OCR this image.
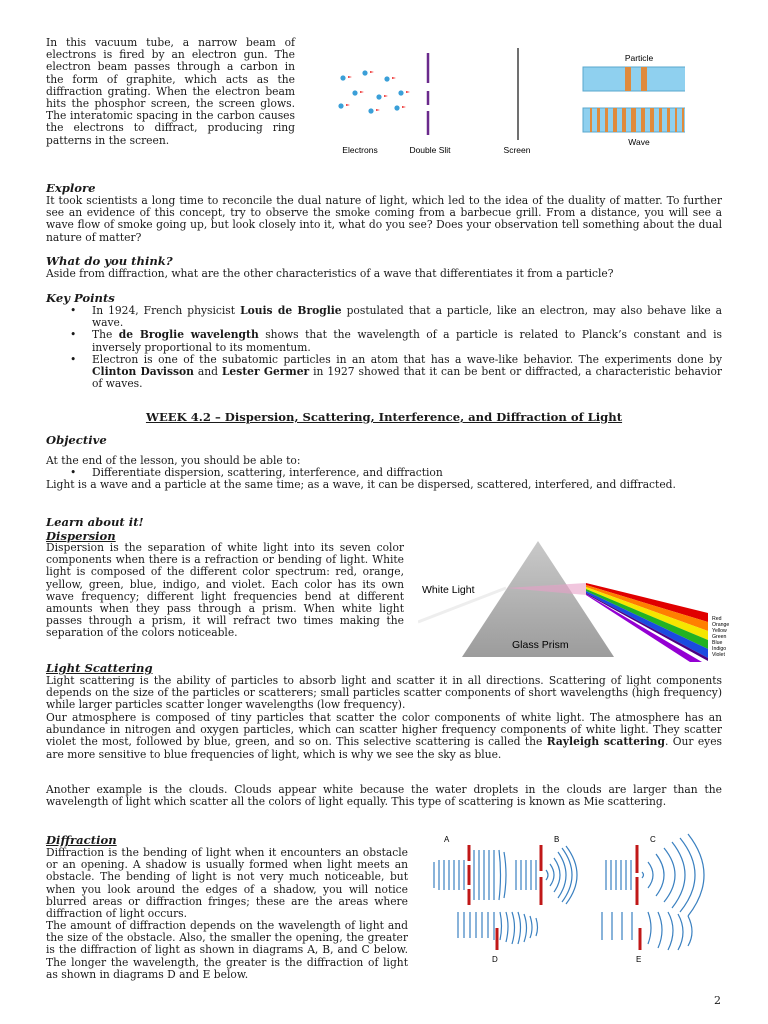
In this vacuum tube, a narrow beam of electrons is fired by an electron gun. The electron beam passes through a carbon in the form of graphite, which acts as the diffraction grating. When the electron beam hits the phosphor screen, the screen glows. The interatomic spacing in the carbon causes the electrons to diffract, producing ring patterns in the screen.

Electrons	Double Slit	Screen
Particle
Wave

Explore

It took scientists a long time to reconcile the dual nature of light, which led to the idea of the duality of matter. To further see an evidence of this concept, try to observe the smoke coming from a barbecue grill. From a distance, you will see a wave flow of smoke going up, but look closely into it, what do you see? Does your observation tell something about the dual nature of matter?

What do you think?

Aside from diffraction, what are the other characteristics of a wave that differentiates it from a particle?

Key Points

• In 1924, French physicist Louis de Broglie postulated that a particle, like an electron, may also behave like a wave.
• The de Broglie wavelength shows that the wavelength of a particle is related to Planck’s constant and is inversely proportional to its momentum.
• Electron is one of the subatomic particles in an atom that has a wave-like behavior. The experiments done by Clinton Davisson and Lester Germer in 1927 showed that it can be bent or diffracted, a characteristic behavior of waves.

WEEK 4.2 – Dispersion, Scattering, Interference, and Diffraction of Light

Objective

At the end of the lesson, you should be able to:

• Differentiate dispersion, scattering, interference, and diffraction

Light is a wave and a particle at the same time; as a wave, it can be dispersed, scattered, interfered, and diffracted.

Learn about it!

Dispersion

Dispersion is the separation of white light into its seven color components when there is a refraction or bending of light. White light is composed of the different color spectrum: red, orange, yellow, green, blue, indigo, and violet. Each color has its own wave frequency; different light frequencies bend at different amounts when they pass through a prism. When white light passes through a prism, it will refract two times making the separation of the colors noticeable.

White Light
Glass Prism
Red
Orange
Yellow
Green
Blue
Indigo
Violet

Light Scattering

Light scattering is the ability of particles to absorb light and scatter it in all directions. Scattering of light components depends on the size of the particles or scatterers; small particles scatter components of short wavelengths (high frequency) while larger particles scatter longer wavelengths (low frequency).

Our atmosphere is composed of tiny particles that scatter the color components of white light. The atmosphere has an abundance in nitrogen and oxygen particles, which can scatter higher frequency components of white light. They scatter violet the most, followed by blue, green, and so on. This selective scattering is called the Rayleigh scattering. Our eyes are more sensitive to blue frequencies of light, which is why we see the sky as blue.

Another example is the clouds. Clouds appear white because the water droplets in the clouds are larger than the wavelength of light which scatter all the colors of light equally. This type of scattering is known as Mie scattering.

Diffraction

Diffraction is the bending of light when it encounters an obstacle or an opening. A shadow is usually formed when light meets an obstacle. The bending of light is not very much noticeable, but when you look around the edges of a shadow, you will notice blurred areas or diffraction fringes; these are the areas where diffraction of light occurs.

The amount of diffraction depends on the wavelength of light and the size of the obstacle. Also, the smaller the opening, the greater is the diffraction of light as shown in diagrams A, B, and C below. The longer the wavelength, the greater is the diffraction of light as shown in diagrams D and E below.

A	B	C
D	E

2
